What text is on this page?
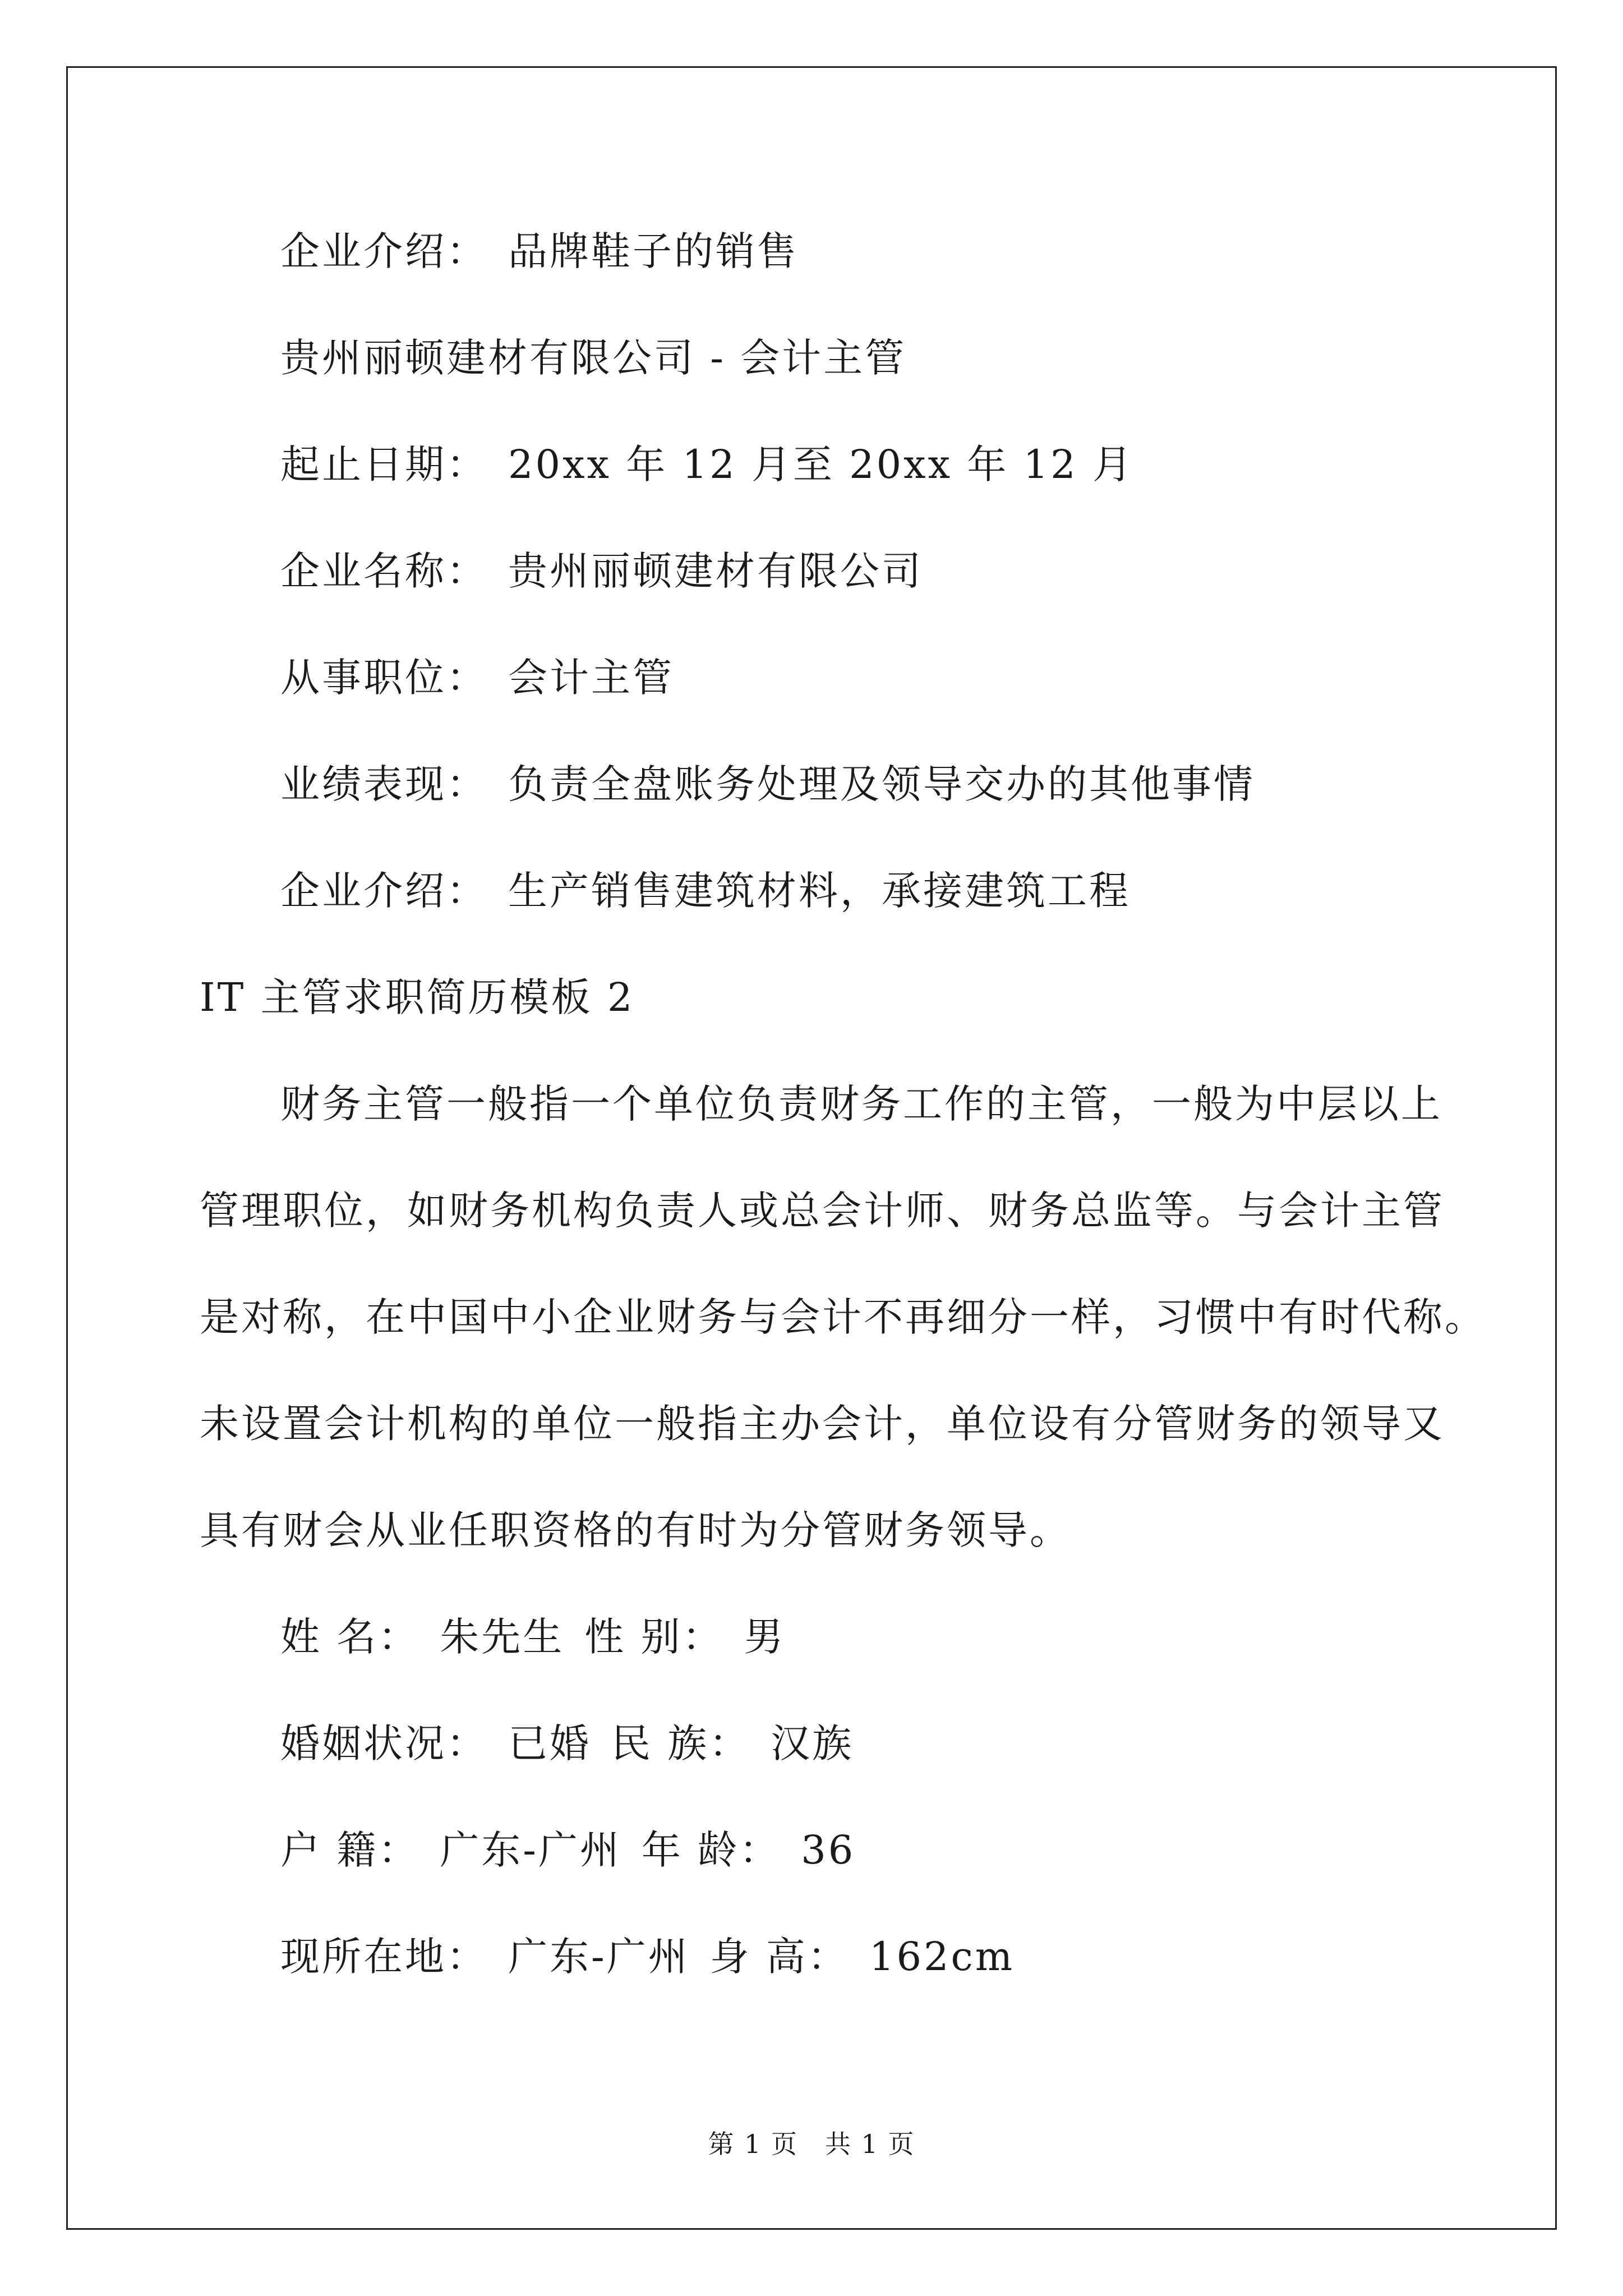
企业介绍： 品牌鞋子的销售
贵州丽顿建材有限公司 - 会计主管
起止日期： 20xx 年 12 月至 20xx 年 12 月
企业名称： 贵州丽顿建材有限公司
从事职位： 会计主管
业绩表现： 负责全盘账务处理及领导交办的其他事情
企业介绍： 生产销售建筑材料，承接建筑工程
IT 主管求职简历模板 2
财务主管一般指一个单位负责财务工作的主管，一般为中层以上
管理职位，如财务机构负责人或总会计师、财务总监等。与会计主管
是对称，在中国中小企业财务与会计不再细分一样，习惯中有时代称。
未设置会计机构的单位一般指主办会计，单位设有分管财务的领导又
具有财会从业任职资格的有时为分管财务领导。
姓 名： 朱先生 性 别： 男
婚姻状况： 已婚 民 族： 汉族
户 籍： 广东-广州 年 龄： 36
现所在地： 广东-广州 身 高： 162cm
第 1 页　共 1 页
